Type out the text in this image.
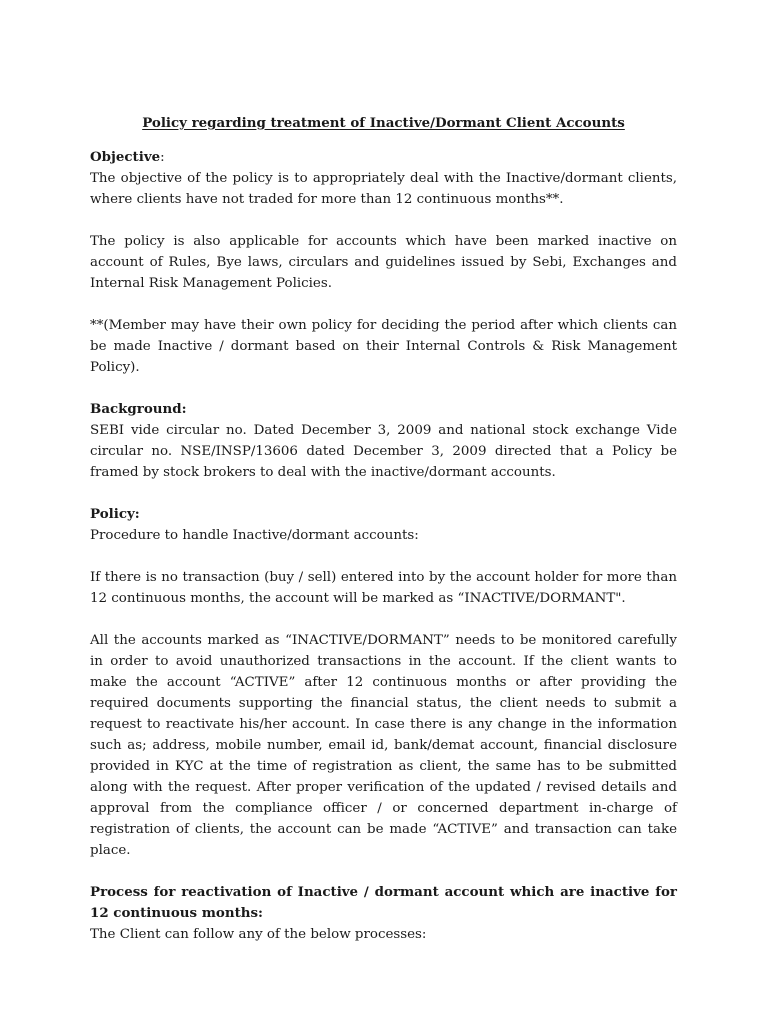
Policy regarding treatment of Inactive/Dormant Client Accounts

Objective:

The objective of the policy is to appropriately deal with the Inactive/dormant clients, where clients have not traded for more than 12 continuous months**.

The policy is also applicable for accounts which have been marked inactive on account of Rules, Bye laws, circulars and guidelines issued by Sebi, Exchanges and Internal Risk Management Policies.

**(Member may have their own policy for deciding the period after which clients can be made Inactive / dormant based on their Internal Controls & Risk Management Policy).

Background:

SEBI vide circular no. Dated December 3, 2009 and national stock exchange Vide circular no. NSE/INSP/13606 dated December 3, 2009 directed that a Policy be framed by stock brokers to deal with the inactive/dormant accounts.

Policy:

Procedure to handle Inactive/dormant accounts:

If there is no transaction (buy / sell) entered into by the account holder for more than 12 continuous months, the account will be marked as “INACTIVE/DORMANT".

All the accounts marked as “INACTIVE/DORMANT” needs to be monitored carefully in order to avoid unauthorized transactions in the account. If the client wants to make the account “ACTIVE” after 12 continuous months or after providing the required documents supporting the financial status, the client needs to submit a request to reactivate his/her account. In case there is any change in the information such as; address, mobile number, email id, bank/demat account, financial disclosure provided in KYC at the time of registration as client, the same has to be submitted along with the request. After proper verification of the updated / revised details and approval from the compliance officer / or concerned department in-charge of registration of clients, the account can be made “ACTIVE” and transaction can take place.

Process for reactivation of Inactive / dormant account which are inactive for 12 continuous months:

The Client can follow any of the below processes:
